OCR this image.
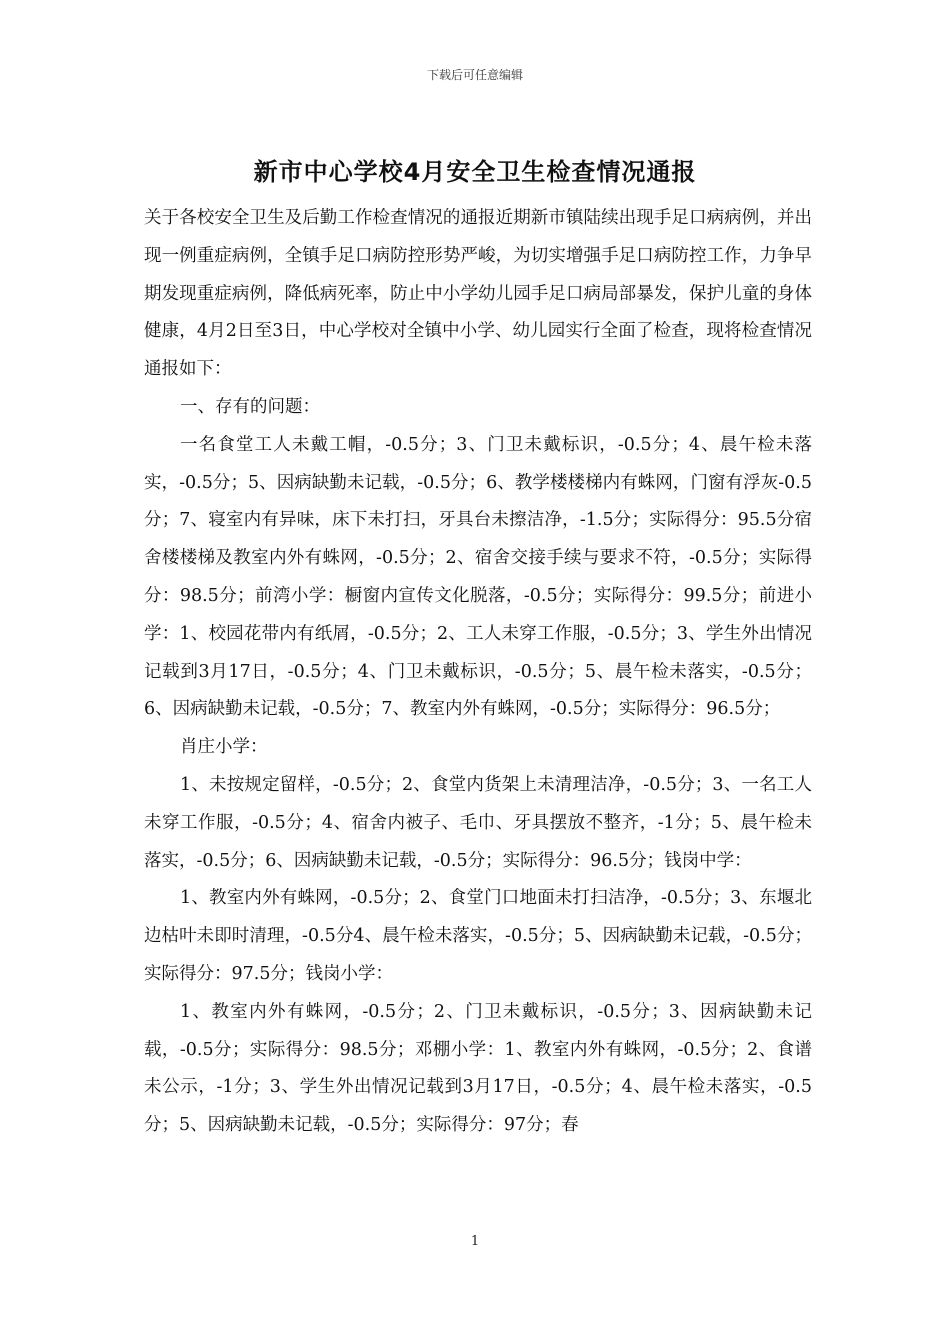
下载后可任意编辑
新市中心学校4月安全卫生检查情况通报

关于各校安全卫生及后勤工作检查情况的通报近期新市镇陆续出现手足口病病例，并出现一例重症病例，全镇手足口病防控形势严峻，为切实增强手足口病防控工作，力争早期发现重症病例，降低病死率，防止中小学幼儿园手足口病局部暴发，保护儿童的身体健康，4月2日至3日，中心学校对全镇中小学、幼儿园实行全面了检查，现将检查情况通报如下：

一、存有的问题：

一名食堂工人未戴工帽，-0.5分；3、门卫未戴标识，-0.5分；4、晨午检未落实，-0.5分；5、因病缺勤未记载，-0.5分；6、教学楼楼梯内有蛛网，门窗有浮灰-0.5分；7、寝室内有异味，床下未打扫，牙具台未擦洁净，-1.5分；实际得分：95.5分宿舍楼楼梯及教室内外有蛛网，-0.5分；2、宿舍交接手续与要求不符，-0.5分；实际得分：98.5分；前湾小学：橱窗内宣传文化脱落，-0.5分；实际得分：99.5分；前进小学：1、校园花带内有纸屑，-0.5分；2、工人未穿工作服，-0.5分；3、学生外出情况记载到3月17日，-0.5分；4、门卫未戴标识，-0.5分；5、晨午检未落实，-0.5分；6、因病缺勤未记载，-0.5分；7、教室内外有蛛网，-0.5分；实际得分：96.5分；

肖庄小学：

1、未按规定留样，-0.5分；2、食堂内货架上未清理洁净，-0.5分；3、一名工人未穿工作服，-0.5分；4、宿舍内被子、毛巾、牙具摆放不整齐，-1分；5、晨午检未落实，-0.5分；6、因病缺勤未记载，-0.5分；实际得分：96.5分；钱岗中学：

1、教室内外有蛛网，-0.5分；2、食堂门口地面未打扫洁净，-0.5分；3、东堰北边枯叶未即时清理，-0.5分4、晨午检未落实，-0.5分；5、因病缺勤未记载，-0.5分；实际得分：97.5分；钱岗小学：

1、教室内外有蛛网，-0.5分；2、门卫未戴标识，-0.5分；3、因病缺勤未记载，-0.5分；实际得分：98.5分；邓棚小学：1、教室内外有蛛网，-0.5分；2、食谱未公示，-1分；3、学生外出情况记载到3月17日，-0.5分；4、晨午检未落实，-0.5分；5、因病缺勤未记载，-0.5分；实际得分：97分；春

1
